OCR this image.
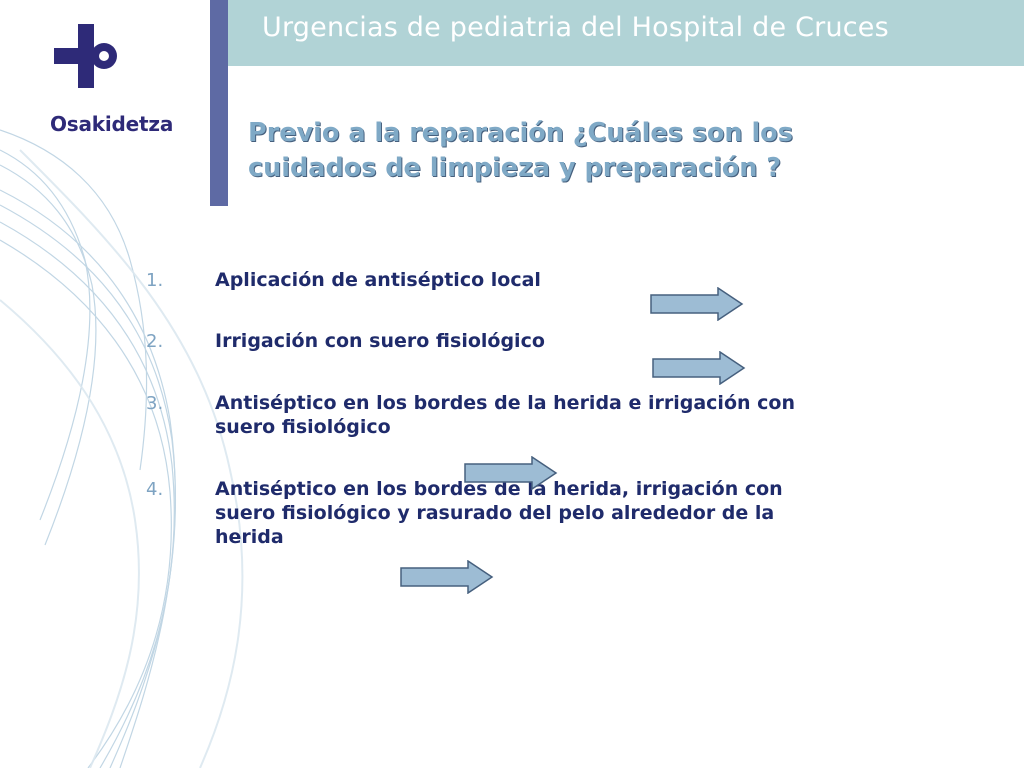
Urgencias de pediatria del Hospital de Cruces
Osakidetza	Previo a la reparación ¿Cuáles son los
cuidados de limpieza y preparación ?
1.	Aplicación de antiséptico local
2.	Irrigación con suero fisiológico
3.	Antiséptico en los bordes de la herida e irrigación con
suero fisiológico
4.	Antiséptico en los bordes de la herida, irrigación con
suero fisiológico y rasurado del pelo alrededor de la
herida
